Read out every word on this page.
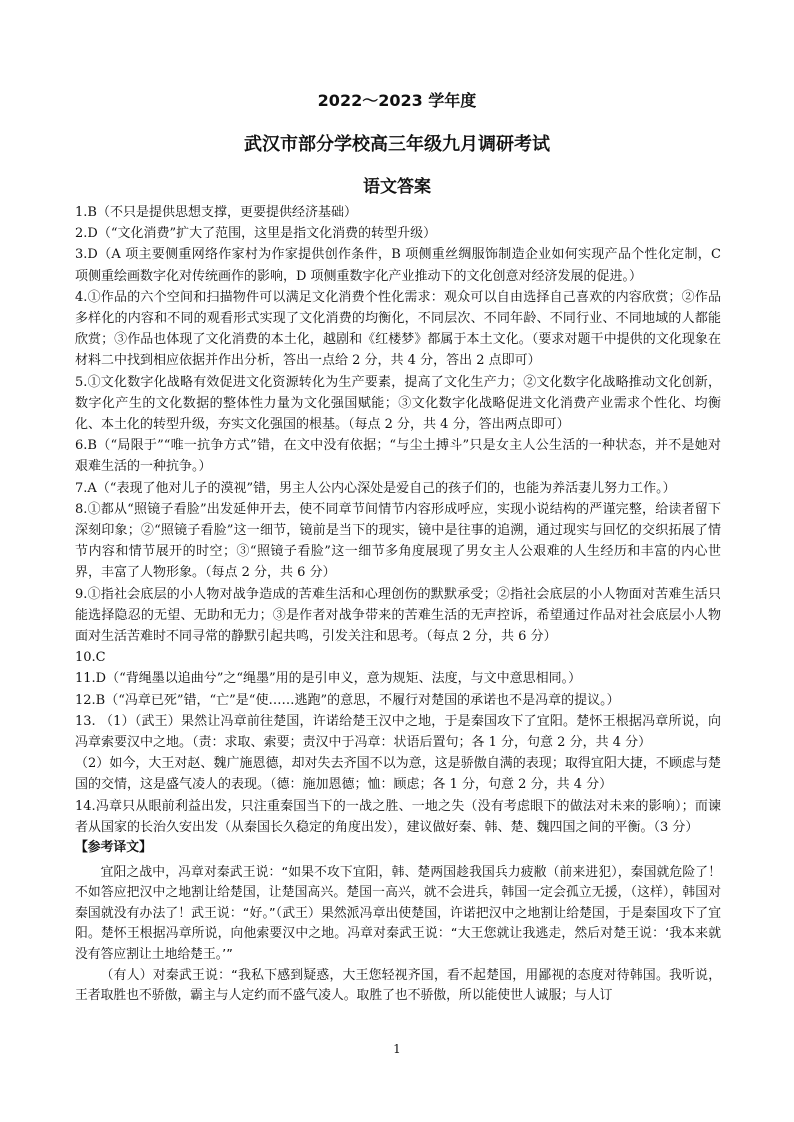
2022～2023 学年度
武汉市部分学校高三年级九月调研考试
语文答案

1.B（不只是提供思想支撑，更要提供经济基础）

2.D（“文化消费”扩大了范围，这里是指文化消费的转型升级）

3.D（A 项主要侧重网络作家村为作家提供创作条件，B 项侧重丝绸服饰制造企业如何实现产品个性化定制，C 项侧重绘画数字化对传统画作的影响，D 项侧重数字化产业推动下的文化创意对经济发展的促进。）

4.①作品的六个空间和扫描物件可以满足文化消费个性化需求：观众可以自由选择自己喜欢的内容欣赏；②作品多样化的内容和不同的观看形式实现了文化消费的均衡化，不同层次、不同年龄、不同行业、不同地域的人都能欣赏；③作品也体现了文化消费的本土化，越剧和《红楼梦》都属于本土文化。（要求对题干中提供的文化现象在材料二中找到相应依据并作出分析，答出一点给 2 分，共 4 分，答出 2 点即可）

5.①文化数字化战略有效促进文化资源转化为生产要素，提高了文化生产力；②文化数字化战略推动文化创新，数字化产生的文化数据的整体性力量为文化强国赋能；③文化数字化战略促进文化消费产业需求个性化、均衡化、本土化的转型升级，夯实文化强国的根基。（每点 2 分，共 4 分，答出两点即可）

6.B（“局限于”“唯一抗争方式”错，在文中没有依据；“与尘土搏斗”只是女主人公生活的一种状态，并不是她对艰难生活的一种抗争。）

7.A（“表现了他对儿子的漠视”错，男主人公内心深处是爱自己的孩子们的，也能为养活妻儿努力工作。）

8.①都从“照镜子看脸”出发延伸开去，使不同章节间情节内容形成呼应，实现小说结构的严谨完整，给读者留下深刻印象；②“照镜子看脸”这一细节，镜前是当下的现实，镜中是往事的追溯，通过现实与回忆的交织拓展了情节内容和情节展开的时空；③“照镜子看脸”这一细节多角度展现了男女主人公艰难的人生经历和丰富的内心世界，丰富了人物形象。（每点 2 分，共 6 分）

9.①指社会底层的小人物对战争造成的苦难生活和心理创伤的默默承受；②指社会底层的小人物面对苦难生活只能选择隐忍的无望、无助和无力；③是作者对战争带来的苦难生活的无声控诉，希望通过作品对社会底层小人物面对生活苦难时不同寻常的静默引起共鸣，引发关注和思考。（每点 2 分，共 6 分）

10.C

11.D（“背绳墨以追曲兮”之“绳墨”用的是引申义，意为规矩、法度，与文中意思相同。）

12.B（“冯章已死”错，“亡”是“使……逃跑”的意思，不履行对楚国的承诺也不是冯章的提议。）

13. （1）（武王）果然让冯章前往楚国，许诺给楚王汉中之地，于是秦国攻下了宜阳。楚怀王根据冯章所说，向冯章索要汉中之地。（责：求取、索要；责汉中于冯章：状语后置句；各 1 分，句意 2 分，共 4 分）

（2）如今，大王对赵、魏广施恩德，却对失去齐国不以为意，这是骄傲自满的表现；取得宜阳大捷，不顾虑与楚国的交情，这是盛气凌人的表现。（德：施加恩德；恤：顾虑；各 1 分，句意 2 分，共 4 分）

14.冯章只从眼前利益出发，只注重秦国当下的一战之胜、一地之失（没有考虑眼下的做法对未来的影响）；而谏者从国家的长治久安出发（从秦国长久稳定的角度出发），建议做好秦、韩、楚、魏四国之间的平衡。（3 分）

【参考译文】

宜阳之战中，冯章对秦武王说：“如果不攻下宜阳，韩、楚两国趁我国兵力疲敝（前来进犯），秦国就危险了！不如答应把汉中之地割让给楚国，让楚国高兴。楚国一高兴，就不会进兵，韩国一定会孤立无援，（这样），韩国对秦国就没有办法了！武王说：“好。”（武王）果然派冯章出使楚国，许诺把汉中之地割让给楚国，于是秦国攻下了宜阳。楚怀王根据冯章所说，向他索要汉中之地。冯章对秦武王说：“大王您就让我逃走，然后对楚王说：‘我本来就没有答应割让土地给楚王。’”

（有人）对秦武王说：“我私下感到疑惑，大王您轻视齐国，看不起楚国，用鄙视的态度对待韩国。我听说，王者取胜也不骄傲，霸主与人定约而不盛气凌人。取胜了也不骄傲，所以能使世人诚服；与人订

1
